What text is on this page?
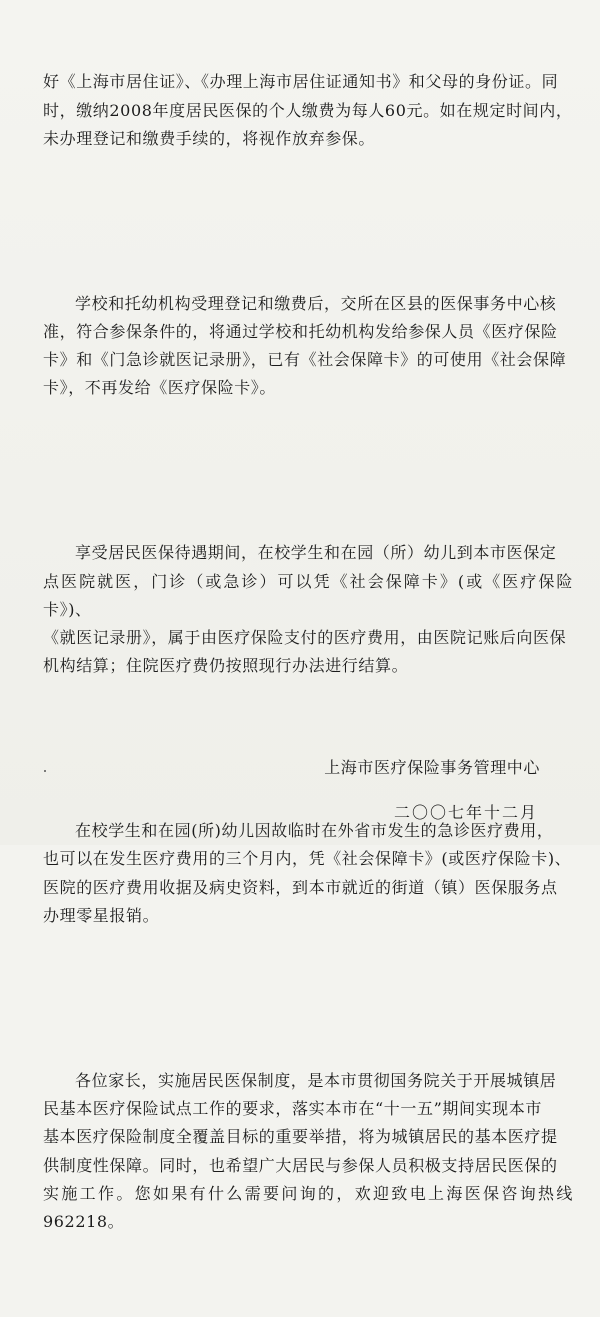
好《上海市居住证》、《办理上海市居住证通知书》和父母的身份证。同
时，缴纳2008年度居民医保的个人缴费为每人60元。如在规定时间内，
未办理登记和缴费手续的，将视作放弃参保。

学校和托幼机构受理登记和缴费后，交所在区县的医保事务中心核
准，符合参保条件的，将通过学校和托幼机构发给参保人员《医疗保险
卡》和《门急诊就医记录册》，已有《社会保障卡》的可使用《社会保障
卡》，不再发给《医疗保险卡》。

享受居民医保待遇期间，在校学生和在园（所）幼儿到本市医保定
点医院就医，门诊（或急诊）可以凭《社会保障卡》(或《医疗保险卡》)、
《就医记录册》，属于由医疗保险支付的医疗费用，由医院记账后向医保
机构结算；住院医疗费仍按照现行办法进行结算。

在校学生和在园(所)幼儿因故临时在外省市发生的急诊医疗费用，
也可以在发生医疗费用的三个月内，凭《社会保障卡》(或医疗保险卡)、
医院的医疗费用收据及病史资料，到本市就近的街道（镇）医保服务点
办理零星报销。

各位家长，实施居民医保制度，是本市贯彻国务院关于开展城镇居
民基本医疗保险试点工作的要求，落实本市在“十一五”期间实现本市
基本医疗保险制度全覆盖目标的重要举措，将为城镇居民的基本医疗提
供制度性保障。同时，也希望广大居民与参保人员积极支持居民医保的
实施工作。您如果有什么需要问询的，欢迎致电上海医保咨询热线962218。

上海市医疗保险事务管理中心
二〇〇七年十二月
